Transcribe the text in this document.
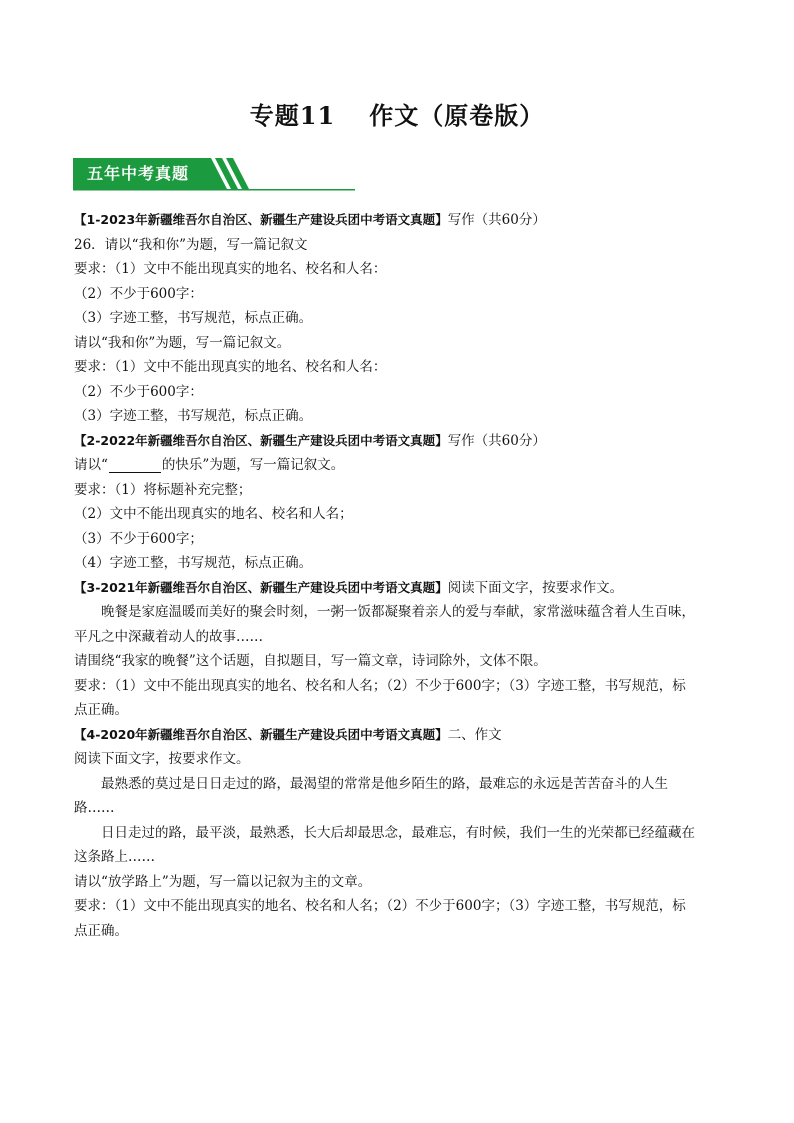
专题11 作文（原卷版）
五年中考真题
【1-2023年新疆维吾尔自治区、新疆生产建设兵团中考语文真题】写作（共60分）
26．请以“我和你”为题，写一篇记叙文
要求：（1）文中不能出现真实的地名、校名和人名：
（2）不少于600字：
（3）字迹工整，书写规范，标点正确。
请以“我和你”为题，写一篇记叙文。
要求：（1）文中不能出现真实的地名、校名和人名：
（2）不少于600字：
（3）字迹工整，书写规范，标点正确。
【2-2022年新疆维吾尔自治区、新疆生产建设兵团中考语文真题】写作（共60分）
请以“	的快乐”为题，写一篇记叙文。
要求：（1）将标题补充完整；
（2）文中不能出现真实的地名、校名和人名；
（3）不少于600字；
（4）字迹工整，书写规范，标点正确。
【3-2021年新疆维吾尔自治区、新疆生产建设兵团中考语文真题】阅读下面文字，按要求作文。
晚餐是家庭温暖而美好的聚会时刻，一粥一饭都凝聚着亲人的爱与奉献，家常滋味蕴含着人生百味，
平凡之中深藏着动人的故事……
请围绕“我家的晚餐”这个话题，自拟题目，写一篇文章，诗词除外，文体不限。
要求：（1）文中不能出现真实的地名、校名和人名；（2）不少于600字；（3）字迹工整，书写规范，标
点正确。
【4-2020年新疆维吾尔自治区、新疆生产建设兵团中考语文真题】二、作文
阅读下面文字，按要求作文。
最熟悉的莫过是日日走过的路，最渴望的常常是他乡陌生的路，最难忘的永远是苦苦奋斗的人生
路……
日日走过的路，最平淡，最熟悉，长大后却最思念，最难忘，有时候，我们一生的光荣都已经蕴藏在
这条路上……
请以“放学路上”为题，写一篇以记叙为主的文章。
要求：（1）文中不能出现真实的地名、校名和人名；（2）不少于600字；（3）字迹工整，书写规范，标
点正确。
